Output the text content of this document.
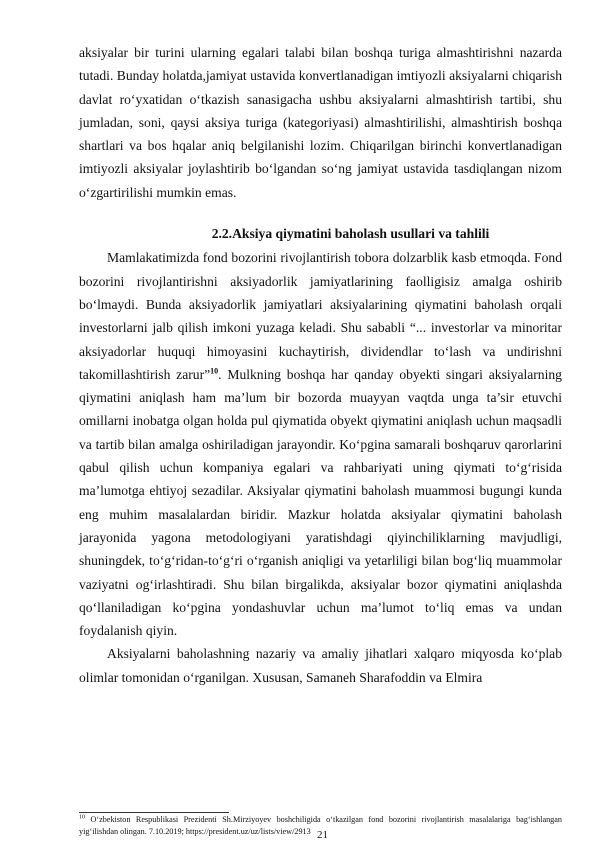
aksiyalar bir turini ularning egalari talabi bilan boshqa turiga almashtirishni nazarda tutadi. Bunday holatda,jamiyat ustavida konvertlanadigan imtiyozli aksiyalarni chiqarish davlat ro‘yxatidan o‘tkazish sanasigacha ushbu aksiyalarni almashtirish tartibi, shu jumladan, soni, qaysi aksiya turiga (kategoriyasi) almashtirilishi, almashtirish boshqa shartlari va bos hqalar aniq belgilanishi lozim. Chiqarilgan birinchi konvertlanadigan imtiyozli aksiyalar joylashtirib bo‘lgandan so‘ng jamiyat ustavida tasdiqlangan nizom o‘zgartirilishi mumkin emas.

2.2.Aksiya qiymatini baholash usullari va tahlili

Mamlakatimizda fond bozorini rivojlantirish tobora dolzarblik kasb etmoqda. Fond bozorini rivojlantirishni aksiyadorlik jamiyatlarining faolligisiz amalga oshirib bo‘lmaydi. Bunda aksiyadorlik jamiyatlari aksiyalarining qiymatini baholash orqali investorlarni jalb qilish imkoni yuzaga keladi. Shu sababli “... investorlar va minoritar aksiyadorlar huquqi himoyasini kuchaytirish, dividendlar to‘lash va undirishni takomillashtirish zarur”$^{10}$. Mulkning boshqa har qanday obyekti singari aksiyalarning qiymatini aniqlash ham ma’lum bir bozorda muayyan vaqtda unga ta’sir etuvchi omillarni inobatga olgan holda pul qiymatida obyekt qiymatini aniqlash uchun maqsadli va tartib bilan amalga oshiriladigan jarayondir. Ko‘pgina samarali boshqaruv qarorlarini qabul qilish uchun kompaniya egalari va rahbariyati uning qiymati to‘g‘risida ma’lumotga ehtiyoj sezadilar. Aksiyalar qiymatini baholash muammosi bugungi kunda eng muhim masalalardan biridir. Mazkur holatda aksiyalar qiymatini baholash jarayonida yagona metodologiyani yaratishdagi qiyinchiliklarning mavjudligi, shuningdek, to‘g‘ridan-to‘g‘ri o‘rganish aniqligi va yetarliligi bilan bog‘liq muammolar vaziyatni og‘irlashtiradi. Shu bilan birgalikda, aksiyalar bozor qiymatini aniqlashda qo‘llaniladigan ko‘pgina yondashuvlar uchun ma’lumot to‘liq emas va undan foydalanish qiyin.

Aksiyalarni baholashning nazariy va amaliy jihatlari xalqaro miqyosda ko‘plab olimlar tomonidan o‘rganilgan. Xususan, Samaneh Sharafoddin va Elmira

$^{10}$ O‘zbekiston Respublikasi Prezidenti Sh.Mirziyoyev boshchiligida o‘tkazilgan fond bozorini rivojlantirish masalalariga bag‘ishlangan yig‘ilishdan olingan. 7.10.2019; https://president.uz/uz/lists/view/2913 21
